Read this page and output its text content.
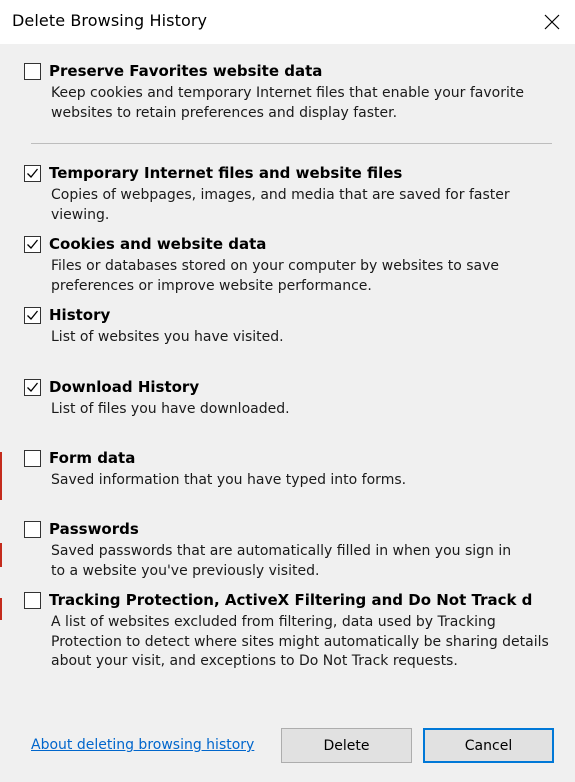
Delete Browsing History
Preserve Favorites website data
Keep cookies and temporary Internet files that enable your favorite
websites to retain preferences and display faster.
Temporary Internet files and website files
Copies of webpages, images, and media that are saved for faster
viewing.
Cookies and website data
Files or databases stored on your computer by websites to save
preferences or improve website performance.
History
List of websites you have visited.
Download History
List of files you have downloaded.
Form data
Saved information that you have typed into forms.
Passwords
Saved passwords that are automatically filled in when you sign in
to a website you've previously visited.
Tracking Protection, ActiveX Filtering and Do Not Track d
A list of websites excluded from filtering, data used by Tracking
Protection to detect where sites might automatically be sharing details
about your visit, and exceptions to Do Not Track requests.
About deleting browsing history	Delete	Cancel
